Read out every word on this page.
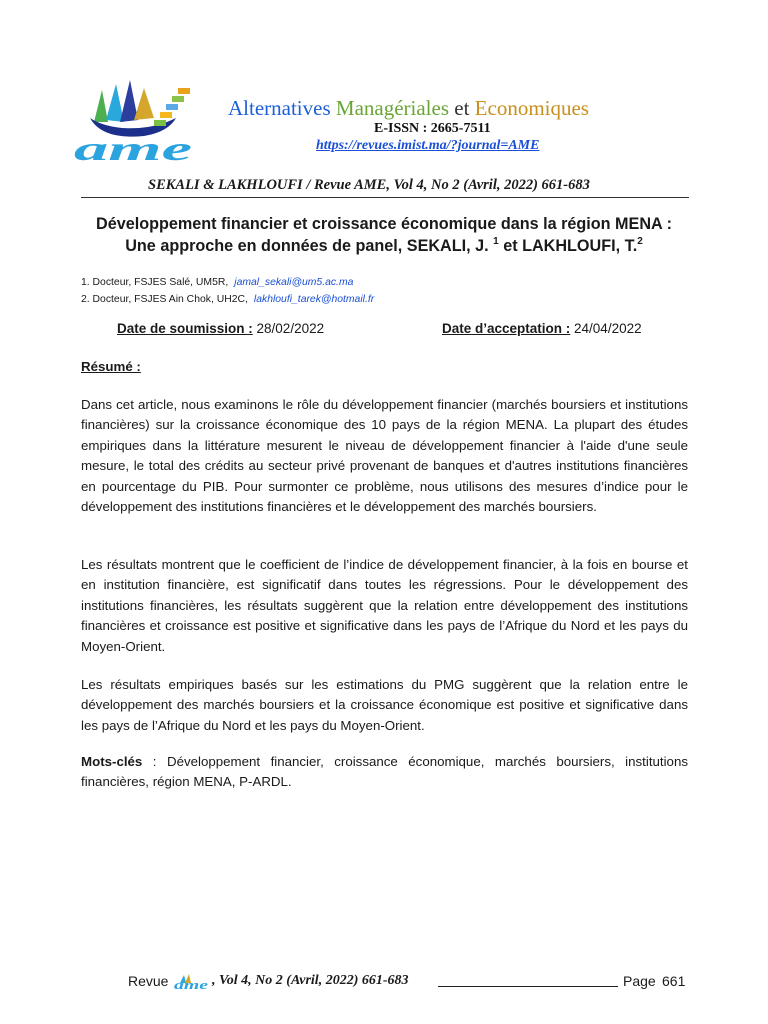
ame
Alternatives Managériales et Economiques
E-ISSN : 2665-7511
https://revues.imist.ma/?journal=AME
SEKALI & LAKHLOUFI / Revue AME, Vol 4, No 2 (Avril, 2022) 661-683
Développement financier et croissance économique dans la région MENA :
Une approche en données de panel, SEKALI, J. $^1$ et LAKHLOUFI, T.$^2$
1. Docteur, FSJES Salé, UM5R, jamal_sekali@um5.ac.ma
2. Docteur, FSJES Ain Chok, UH2C, lakhloufi_tarek@hotmail.fr
Date de soumission : 28/02/2022	Date d’acceptation : 24/04/2022
Résumé :

Dans cet article, nous examinons le rôle du développement financier (marchés boursiers et institutions financières) sur la croissance économique des 10 pays de la région MENA. La plupart des études empiriques dans la littérature mesurent le niveau de développement financier à l'aide d'une seule mesure, le total des crédits au secteur privé provenant de banques et d'autres institutions financières en pourcentage du PIB. Pour surmonter ce problème, nous utilisons des mesures d’indice pour le développement des institutions financières et le développement des marchés boursiers.

Les résultats montrent que le coefficient de l’indice de développement financier, à la fois en bourse et en institution financière, est significatif dans toutes les régressions. Pour le développement des institutions financières, les résultats suggèrent que la relation entre développement des institutions financières et croissance est positive et significative dans les pays de l’Afrique du Nord et les pays du Moyen-Orient.

Les résultats empiriques basés sur les estimations du PMG suggèrent que la relation entre le développement des marchés boursiers et la croissance économique est positive et significative dans les pays de l’Afrique du Nord et les pays du Moyen-Orient.

Mots-clés : Développement financier, croissance économique, marchés boursiers, institutions financières, région MENA, P-ARDL.

Revue ame , Vol 4, No 2 (Avril, 2022) 661-683	Page 661
